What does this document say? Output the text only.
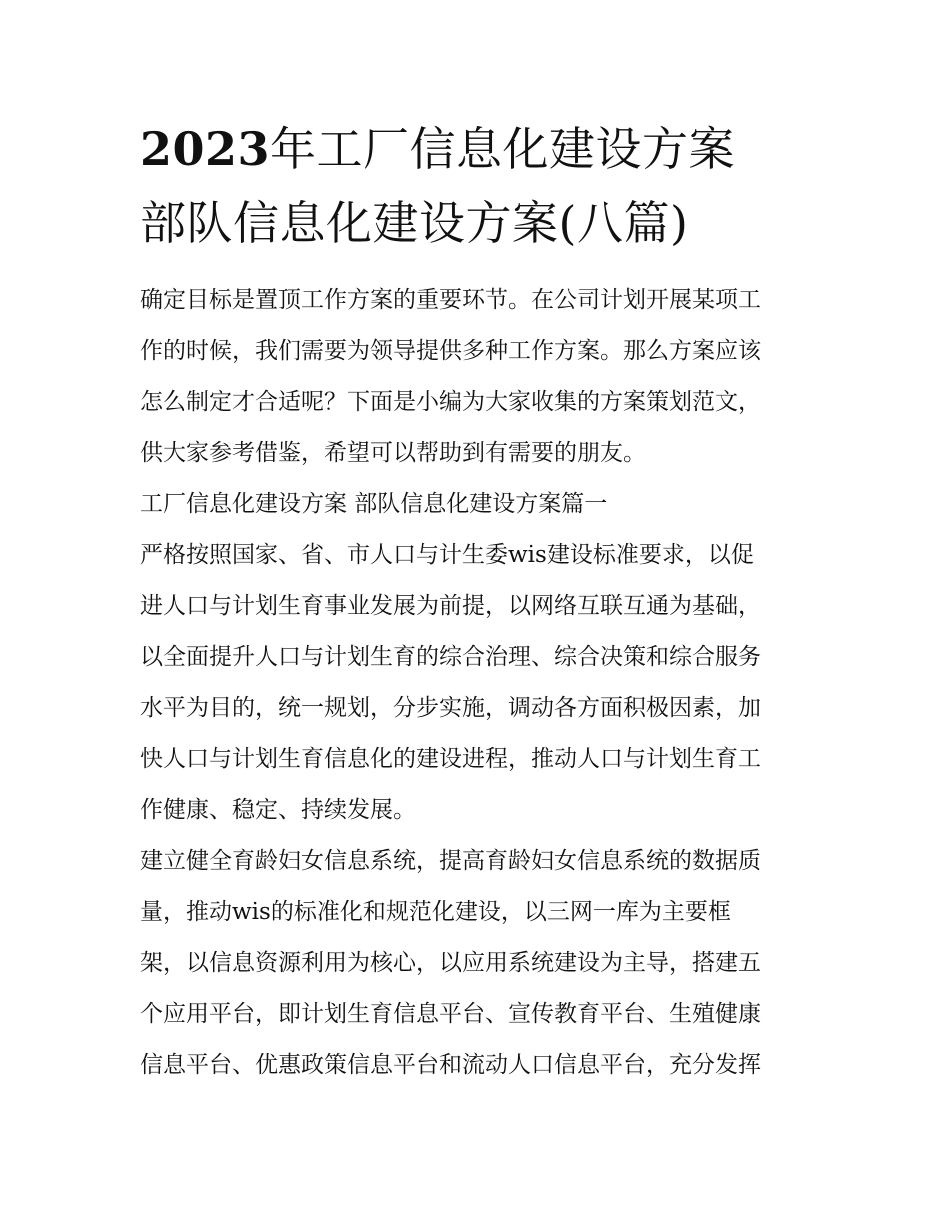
2023年工厂信息化建设方案
部队信息化建设方案(八篇)
确定目标是置顶工作方案的重要环节。在公司计划开展某项工
作的时候，我们需要为领导提供多种工作方案。那么方案应该
怎么制定才合适呢？下面是小编为大家收集的方案策划范文，
供大家参考借鉴，希望可以帮助到有需要的朋友。
工厂信息化建设方案 部队信息化建设方案篇一
严格按照国家、省、市人口与计生委wis建设标准要求，以促
进人口与计划生育事业发展为前提，以网络互联互通为基础，
以全面提升人口与计划生育的综合治理、综合决策和综合服务
水平为目的，统一规划，分步实施，调动各方面积极因素，加
快人口与计划生育信息化的建设进程，推动人口与计划生育工
作健康、稳定、持续发展。
建立健全育龄妇女信息系统，提高育龄妇女信息系统的数据质
量，推动wis的标准化和规范化建设，以三网一库为主要框
架，以信息资源利用为核心，以应用系统建设为主导，搭建五
个应用平台，即计划生育信息平台、宣传教育平台、生殖健康
信息平台、优惠政策信息平台和流动人口信息平台，充分发挥
